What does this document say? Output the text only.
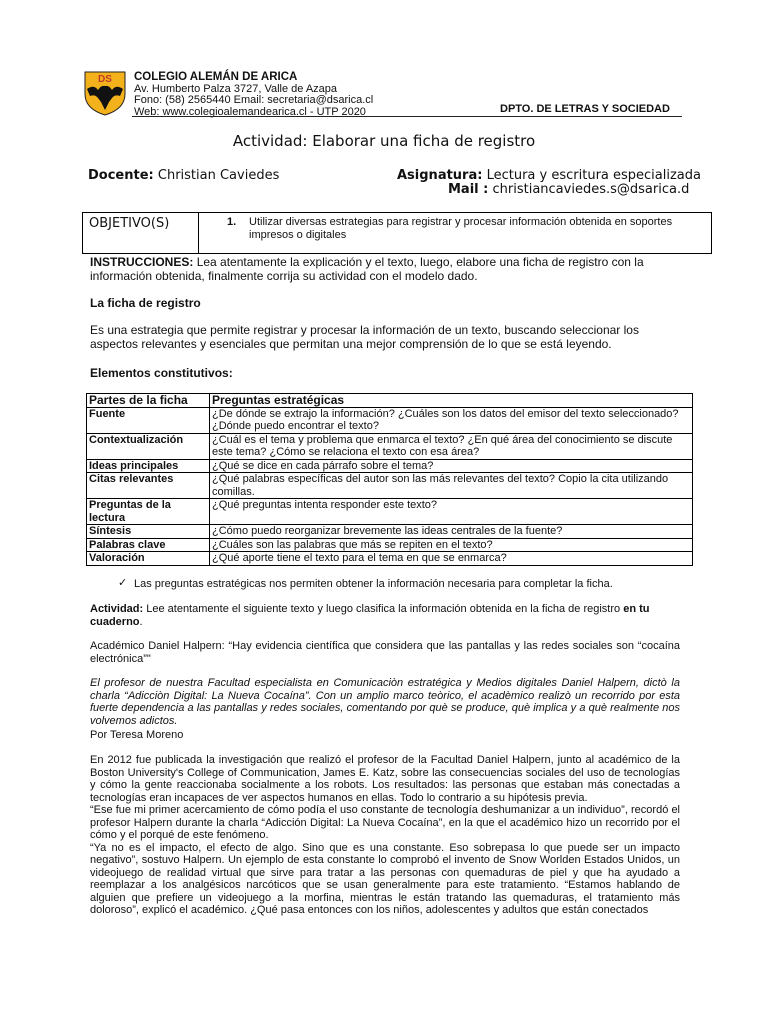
DS COLEGIO ALEMÁN DE ARICA
Av. Humberto Palza 3727, Valle de Azapa
Fono: (58) 2565440 Email: secretaria@dsarica.cl
Web: www.colegioalemandearica.cl - UTP 2020	DPTO. DE LETRAS Y SOCIEDAD
Actividad: Elaborar una ficha de registro
Docente: Christian Caviedes	Asignatura: Lectura y escritura especializada
Mail : christiancaviedes.s@dsarica.d
OBJETIVO(S)	1. Utilizar diversas estrategias para registrar y procesar información obtenida en soportes impresos o digitales
INSTRUCCIONES: Lea atentamente la explicación y el texto, luego, elabore una ficha de registro con la información obtenida, finalmente corrija su actividad con el modelo dado.
La ficha de registro
Es una estrategia que permite registrar y procesar la información de un texto, buscando seleccionar los aspectos relevantes y esenciales que permitan una mejor comprensión de lo que se está leyendo.
Elementos constitutivos:
Partes de la ficha	Preguntas estratégicas
Fuente	¿De dónde se extrajo la información? ¿Cuáles son los datos del emisor del texto seleccionado? ¿Dónde puedo encontrar el texto?
Contextualización	¿Cuál es el tema y problema que enmarca el texto? ¿En qué área del conocimiento se discute este tema? ¿Cómo se relaciona el texto con esa área?
Ideas principales	¿Qué se dice en cada párrafo sobre el tema?
Citas relevantes	¿Qué palabras específicas del autor son las más relevantes del texto? Copio la cita utilizando comillas.
Preguntas de la lectura	¿Qué preguntas intenta responder este texto?
Síntesis	¿Cómo puedo reorganizar brevemente las ideas centrales de la fuente?
Palabras clave	¿Cuáles son las palabras que más se repiten en el texto?
Valoración	¿Qué aporte tiene el texto para el tema en que se enmarca?
✓ Las preguntas estratégicas nos permiten obtener la información necesaria para completar la ficha.
Actividad: Lee atentamente el siguiente texto y luego clasifica la información obtenida en la ficha de registro en tu cuaderno.
Académico Daniel Halpern: “Hay evidencia científica que considera que las pantallas y las redes sociales son “cocaína electrónica”"
El profesor de nuestra Facultad especialista en Comunicaciòn estratégica y Medios digitales Daniel Halpern, dictò la charla “Adicciòn Digital: La Nueva Cocaína”. Con un amplio marco teòrico, el acadèmico realizò un recorrido por esta fuerte dependencia a las pantallas y redes sociales, comentando por què se produce, què implica y a què realmente nos volvemos adictos.
Por Teresa Moreno
En 2012 fue publicada la investigación que realizó el profesor de la Facultad Daniel Halpern, junto al académico de la Boston University's College of Communication, James E. Katz, sobre las consecuencias sociales del uso de tecnologías y cómo la gente reaccionaba socialmente a los robots. Los resultados: las personas que estaban más conectadas a tecnologías eran incapaces de ver aspectos humanos en ellas. Todo lo contrario a su hipótesis previa.
“Ese fue mi primer acercamiento de cómo podía el uso constante de tecnología deshumanizar a un individuo”, recordó el profesor Halpern durante la charla “Adicción Digital: La Nueva Cocaína”, en la que el académico hizo un recorrido por el cómo y el porqué de este fenómeno.
“Ya no es el impacto, el efecto de algo. Sino que es una constante. Eso sobrepasa lo que puede ser un impacto negativo”, sostuvo Halpern. Un ejemplo de esta constante lo comprobó el invento de Snow Worlden Estados Unidos, un videojuego de realidad virtual que sirve para tratar a las personas con quemaduras de piel y que ha ayudado a reemplazar a los analgésicos narcóticos que se usan generalmente para este tratamiento. “Estamos hablando de alguien que prefiere un videojuego a la morfina, mientras le están tratando las quemaduras, el tratamiento más doloroso”, explicó el académico. ¿Qué pasa entonces con los niños, adolescentes y adultos que están conectados
